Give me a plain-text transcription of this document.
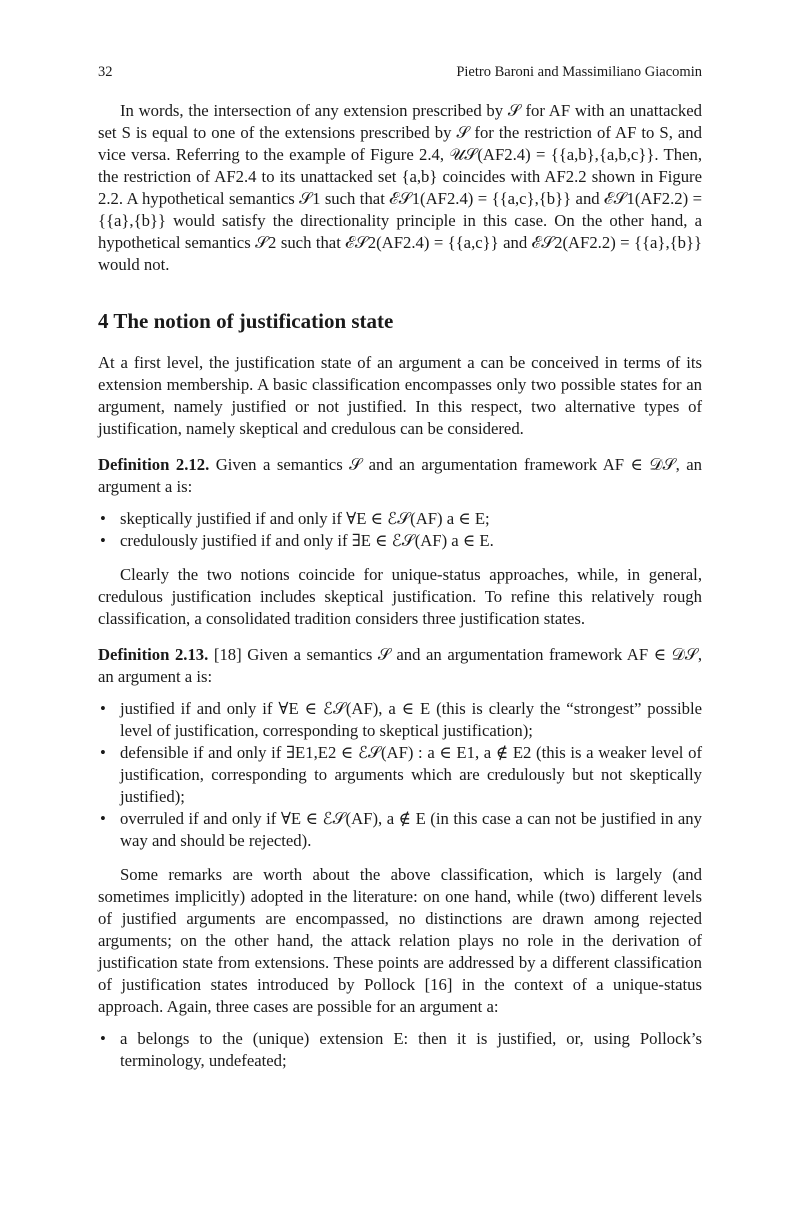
32	Pietro Baroni and Massimiliano Giacomin

In words, the intersection of any extension prescribed by 𝒮 for AF with an unattacked set S is equal to one of the extensions prescribed by 𝒮 for the restriction of AF to S, and vice versa. Referring to the example of Figure 2.4, 𝒰𝒮(AF2.4) = {{a,b},{a,b,c}}. Then, the restriction of AF2.4 to its unattacked set {a,b} coincides with AF2.2 shown in Figure 2.2. A hypothetical semantics 𝒮1 such that ℰ𝒮1(AF2.4) = {{a,c},{b}} and ℰ𝒮1(AF2.2) = {{a},{b}} would satisfy the directionality principle in this case. On the other hand, a hypothetical semantics 𝒮2 such that ℰ𝒮2(AF2.4) = {{a,c}} and ℰ𝒮2(AF2.2) = {{a},{b}} would not.

4 The notion of justification state

At a first level, the justification state of an argument a can be conceived in terms of its extension membership. A basic classification encompasses only two possible states for an argument, namely justified or not justified. In this respect, two alternative types of justification, namely skeptical and credulous can be considered.

Definition 2.12. Given a semantics 𝒮 and an argumentation framework AF ∈ 𝒟𝒮, an argument a is:

• skeptically justified if and only if ∀E ∈ ℰ𝒮(AF) a ∈ E;
• credulously justified if and only if ∃E ∈ ℰ𝒮(AF) a ∈ E.

Clearly the two notions coincide for unique-status approaches, while, in general, credulous justification includes skeptical justification. To refine this relatively rough classification, a consolidated tradition considers three justification states.

Definition 2.13. [18] Given a semantics 𝒮 and an argumentation framework AF ∈ 𝒟𝒮, an argument a is:

• justified if and only if ∀E ∈ ℰ𝒮(AF), a ∈ E (this is clearly the “strongest” possible level of justification, corresponding to skeptical justification);
• defensible if and only if ∃E1,E2 ∈ ℰ𝒮(AF) : a ∈ E1, a ∉ E2 (this is a weaker level of justification, corresponding to arguments which are credulously but not skeptically justified);
• overruled if and only if ∀E ∈ ℰ𝒮(AF), a ∉ E (in this case a can not be justified in any way and should be rejected).

Some remarks are worth about the above classification, which is largely (and sometimes implicitly) adopted in the literature: on one hand, while (two) different levels of justified arguments are encompassed, no distinctions are drawn among rejected arguments; on the other hand, the attack relation plays no role in the derivation of justification state from extensions. These points are addressed by a different classification of justification states introduced by Pollock [16] in the context of a unique-status approach. Again, three cases are possible for an argument a:

• a belongs to the (unique) extension E: then it is justified, or, using Pollock’s terminology, undefeated;
